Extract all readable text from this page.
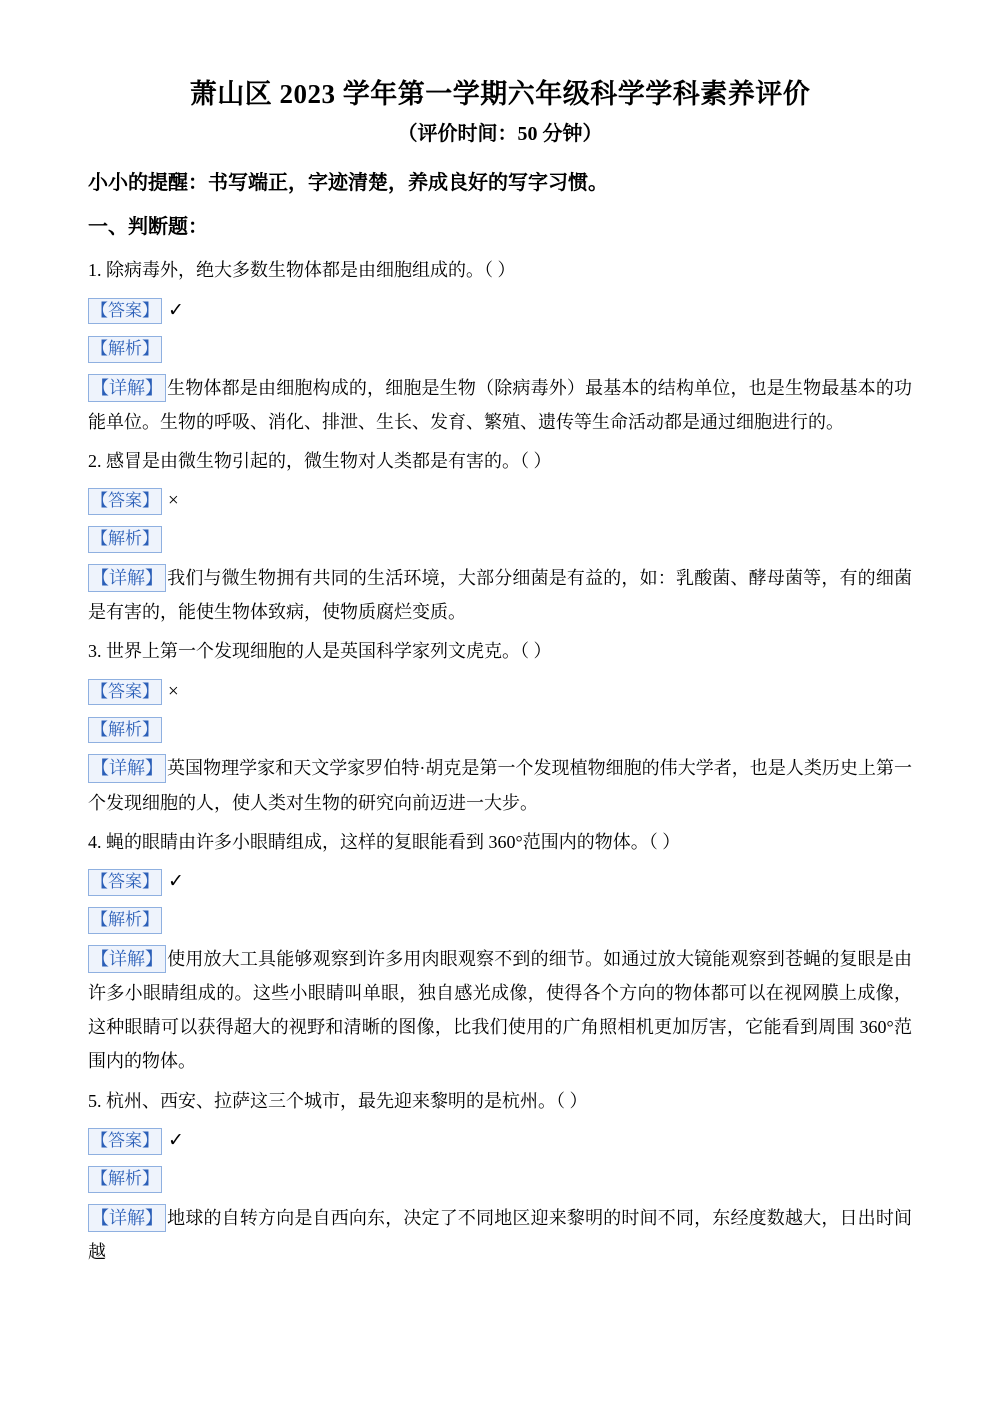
萧山区 2023 学年第一学期六年级科学学科素养评价
（评价时间：50 分钟）
小小的提醒：书写端正，字迹清楚，养成良好的写字习惯。
一、判断题：
1. 除病毒外，绝大多数生物体都是由细胞组成的。（ ）
【答案】 ✓
【解析】
【详解】 生物体都是由细胞构成的，细胞是生物（除病毒外）最基本的结构单位，也是生物最基本的功能单位。生物的呼吸、消化、排泄、生长、发育、繁殖、遗传等生命活动都是通过细胞进行的。
2. 感冒是由微生物引起的，微生物对人类都是有害的。（ ）
【答案】 ×
【解析】
【详解】 我们与微生物拥有共同的生活环境，大部分细菌是有益的，如：乳酸菌、酵母菌等，有的细菌是有害的，能使生物体致病，使物质腐烂变质。
3. 世界上第一个发现细胞的人是英国科学家列文虎克。（ ）
【答案】 ×
【解析】
【详解】 英国物理学家和天文学家罗伯特·胡克是第一个发现植物细胞的伟大学者，也是人类历史上第一个发现细胞的人，使人类对生物的研究向前迈进一大步。
4. 蝇的眼睛由许多小眼睛组成，这样的复眼能看到 360°范围内的物体。（ ）
【答案】 ✓
【解析】
【详解】 使用放大工具能够观察到许多用肉眼观察不到的细节。如通过放大镜能观察到苍蝇的复眼是由许多小眼睛组成的。这些小眼睛叫单眼，独自感光成像，使得各个方向的物体都可以在视网膜上成像，这种眼睛可以获得超大的视野和清晰的图像，比我们使用的广角照相机更加厉害，它能看到周围 360°范围内的物体。
5. 杭州、西安、拉萨这三个城市，最先迎来黎明的是杭州。（ ）
【答案】 ✓
【解析】
【详解】 地球的自转方向是自西向东，决定了不同地区迎来黎明的时间不同，东经度数越大，日出时间越
